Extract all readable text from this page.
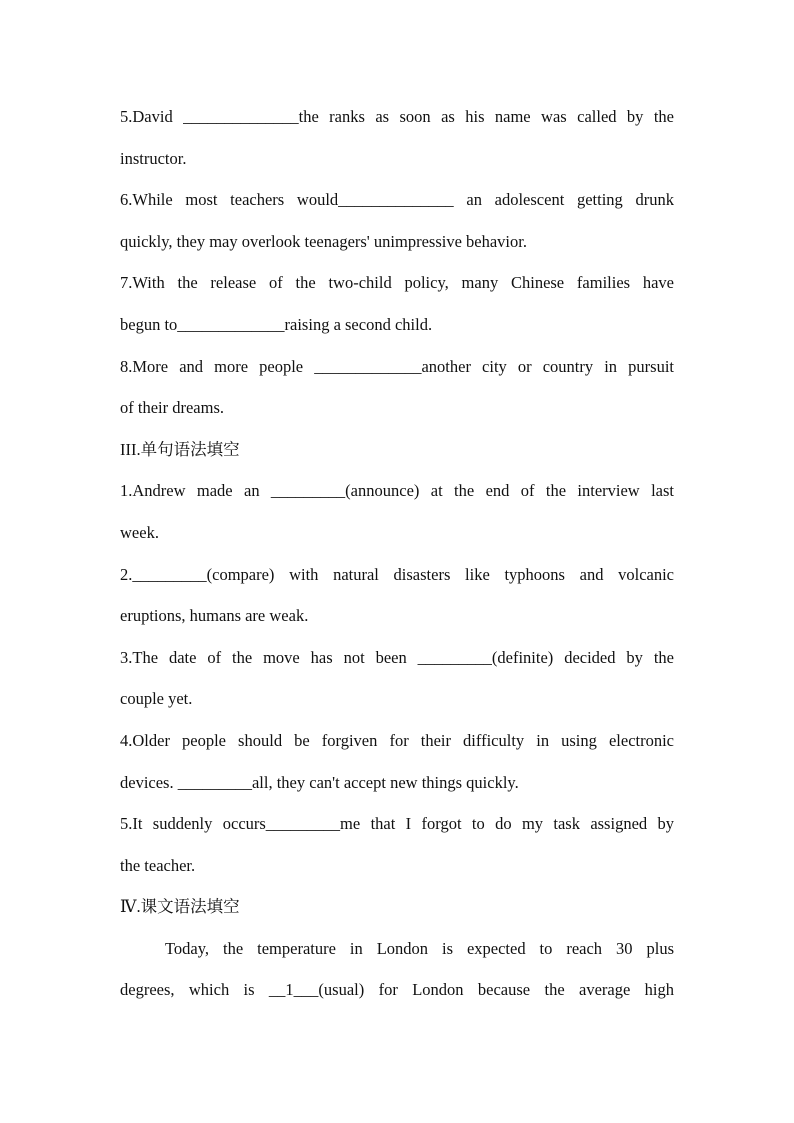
5.David ______________the ranks as soon as his name was called by the
instructor.
6.While most teachers would______________ an adolescent getting drunk
quickly, they may overlook teenagers' unimpressive behavior.
7.With the release of the two-child policy, many Chinese families have
begun to_____________raising a second child.
8.More and more people _____________another city or country in pursuit
of their dreams.
III.单句语法填空
1.Andrew made an _________(announce) at the end of the interview last
week.
2._________(compare) with natural disasters like typhoons and volcanic
eruptions, humans are weak.
3.The date of the move has not been _________(definite) decided by the
couple yet.
4.Older people should be forgiven for their difficulty in using electronic
devices. _________all, they can't accept new things quickly.
5.It suddenly occurs_________me that I forgot to do my task assigned by
the teacher.
Ⅳ.课文语法填空
Today, the temperature in London is expected to reach 30 plus
degrees, which is __1___(usual) for London because the average high
